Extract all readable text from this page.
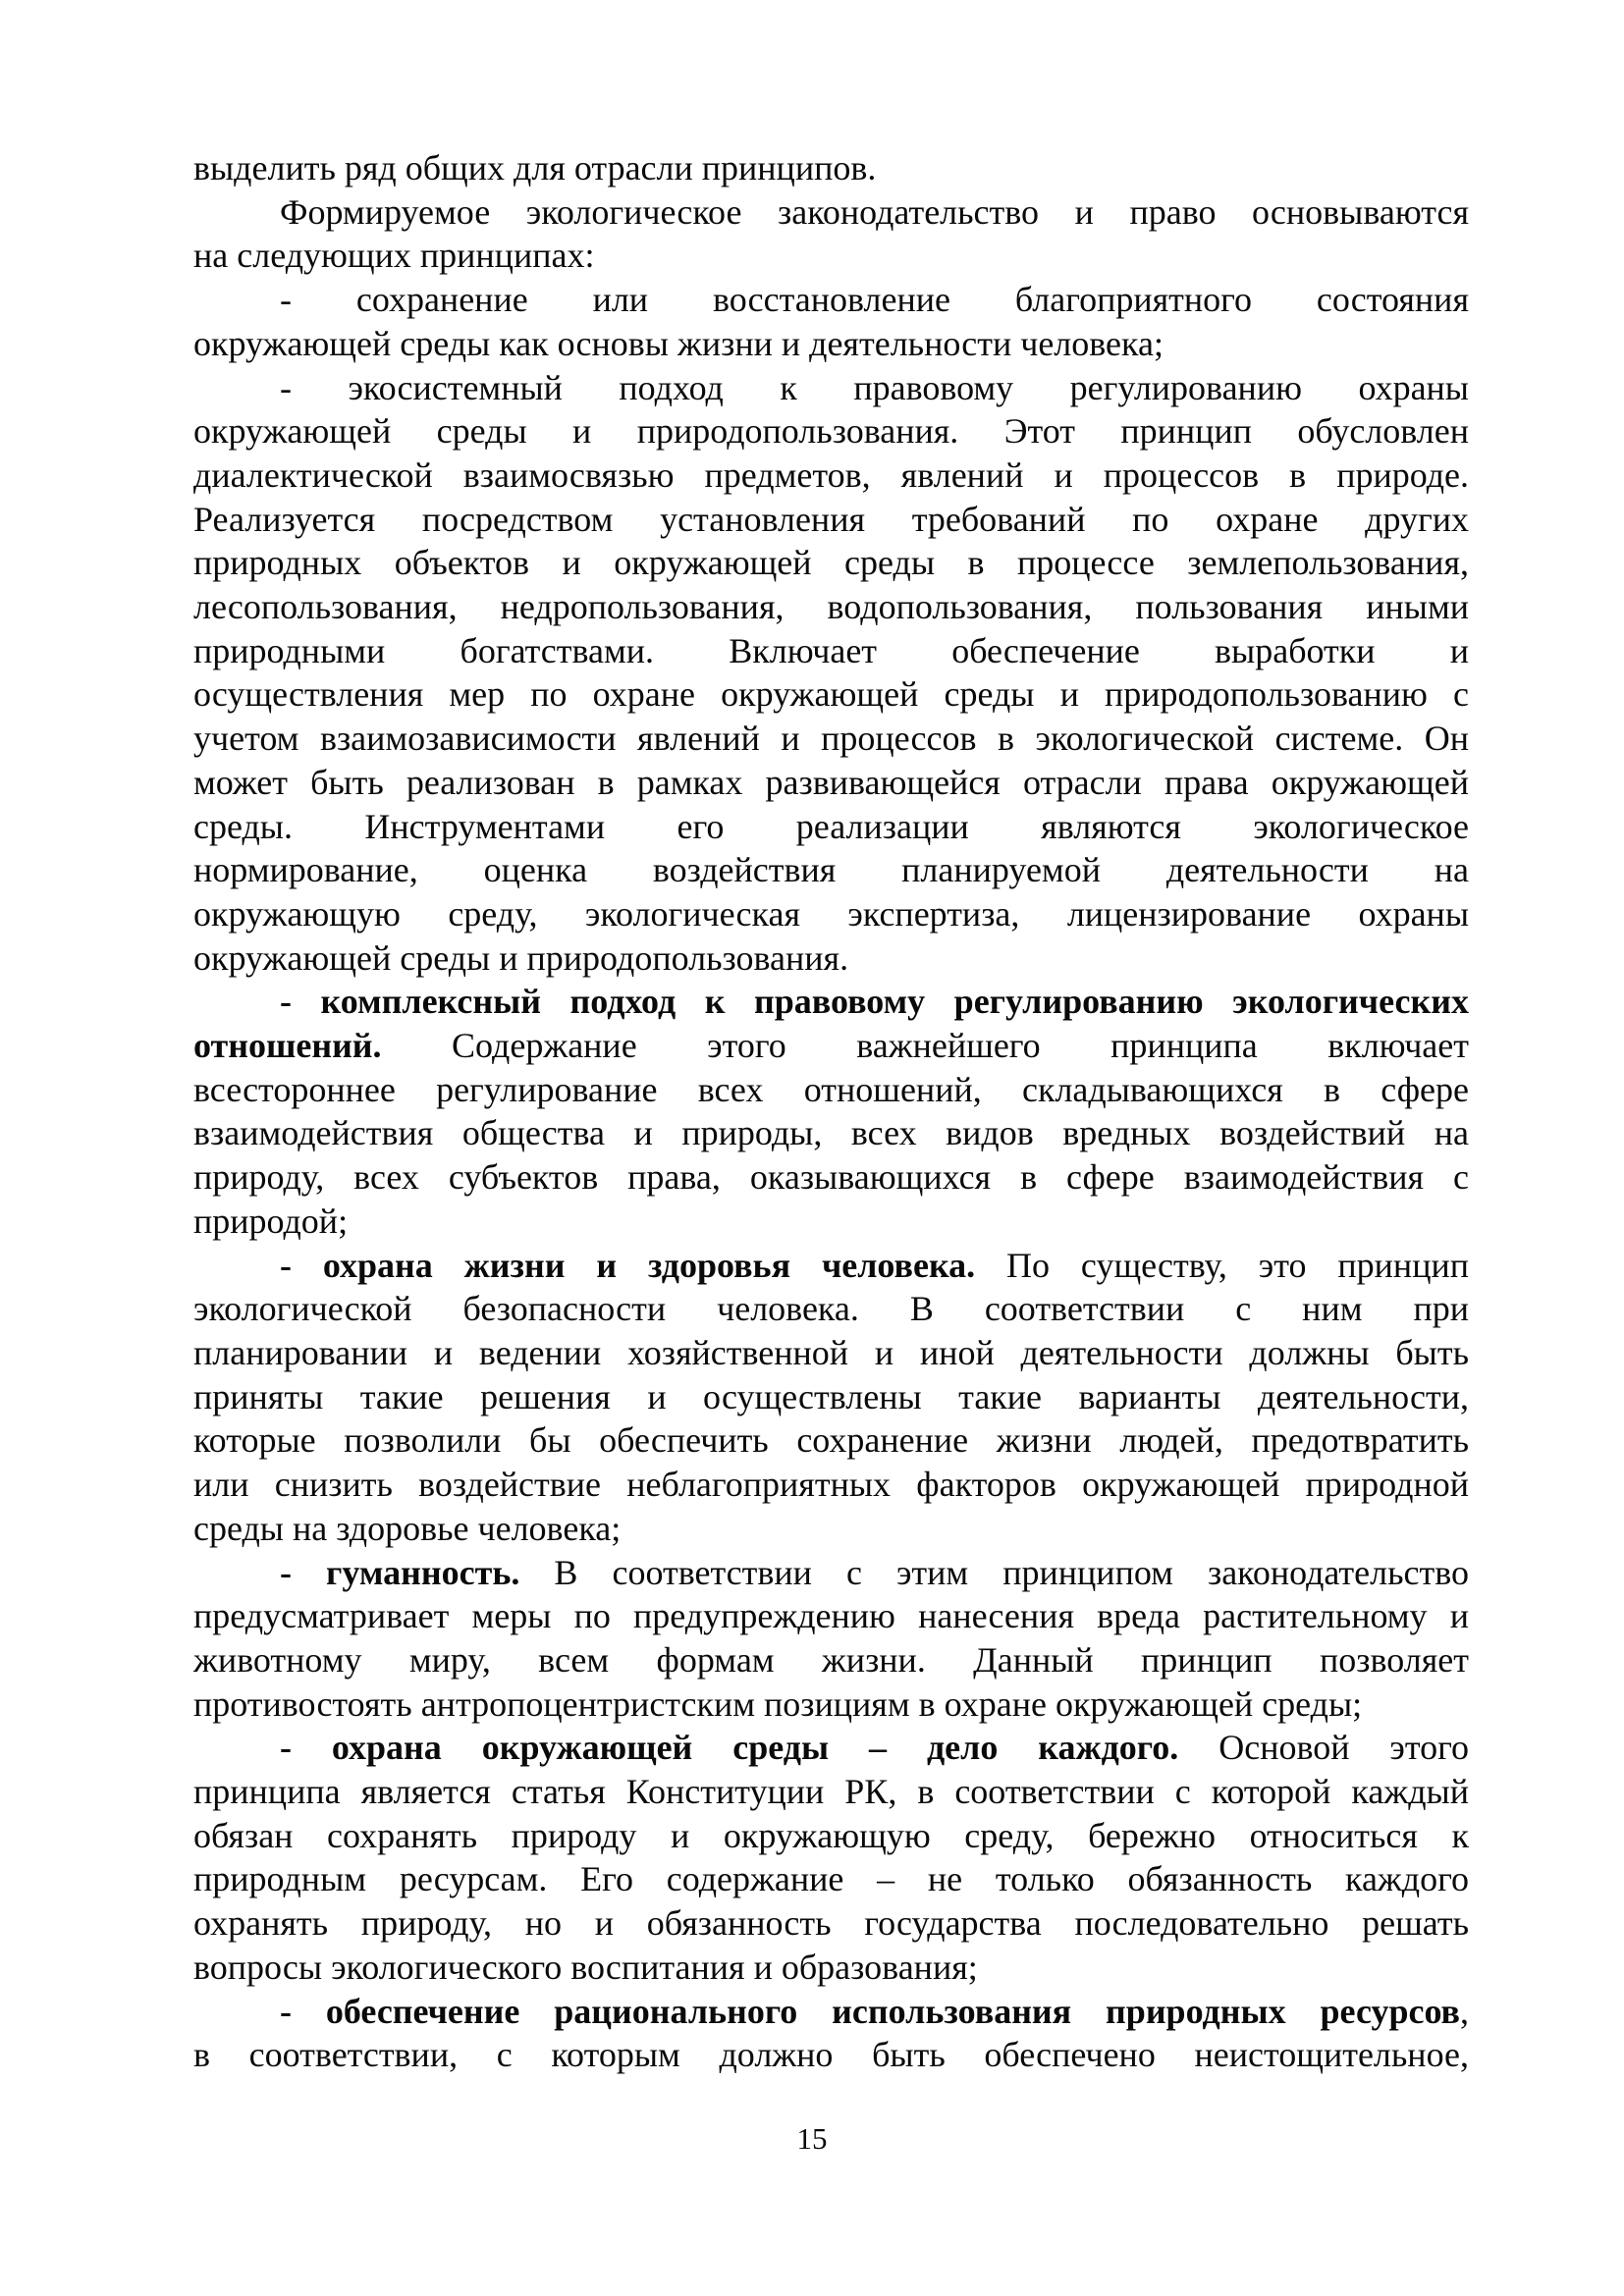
выделить ряд общих для отрасли принципов.
Формируемое экологическое законодательство и право основываются
на следующих принципах:
- сохранение или восстановление благоприятного состояния
окружающей среды как основы жизни и деятельности человека;
- экосистемный подход к правовому регулированию охраны
окружающей среды и природопользования. Этот принцип обусловлен
диалектической взаимосвязью предметов, явлений и процессов в природе.
Реализуется посредством установления требований по охране других
природных объектов и окружающей среды в процессе землепользования,
лесопользования, недропользования, водопользования, пользования иными
природными богатствами. Включает обеспечение выработки и
осуществления мер по охране окружающей среды и природопользованию с
учетом взаимозависимости явлений и процессов в экологической системе. Он
может быть реализован в рамках развивающейся отрасли права окружающей
среды. Инструментами его реализации являются экологическое
нормирование, оценка воздействия планируемой деятельности на
окружающую среду, экологическая экспертиза, лицензирование охраны
окружающей среды и природопользования.
- комплексный подход к правовому регулированию экологических
отношений. Содержание этого важнейшего принципа включает
всестороннее регулирование всех отношений, складывающихся в сфере
взаимодействия общества и природы, всех видов вредных воздействий на
природу, всех субъектов права, оказывающихся в сфере взаимодействия с
природой;
- охрана жизни и здоровья человека. По существу, это принцип
экологической безопасности человека. В соответствии с ним при
планировании и ведении хозяйственной и иной деятельности должны быть
приняты такие решения и осуществлены такие варианты деятельности,
которые позволили бы обеспечить сохранение жизни людей, предотвратить
или снизить воздействие неблагоприятных факторов окружающей природной
среды на здоровье человека;
- гуманность. В соответствии с этим принципом законодательство
предусматривает меры по предупреждению нанесения вреда растительному и
животному миру, всем формам жизни. Данный принцип позволяет
противостоять антропоцентристским позициям в охране окружающей среды;
- охрана окружающей среды – дело каждого. Основой этого
принципа является статья Конституции РК, в соответствии с которой каждый
обязан сохранять природу и окружающую среду, бережно относиться к
природным ресурсам. Его содержание – не только обязанность каждого
охранять природу, но и обязанность государства последовательно решать
вопросы экологического воспитания и образования;
- обеспечение рационального использования природных ресурсов,
в соответствии, с которым должно быть обеспечено неистощительное,
15
